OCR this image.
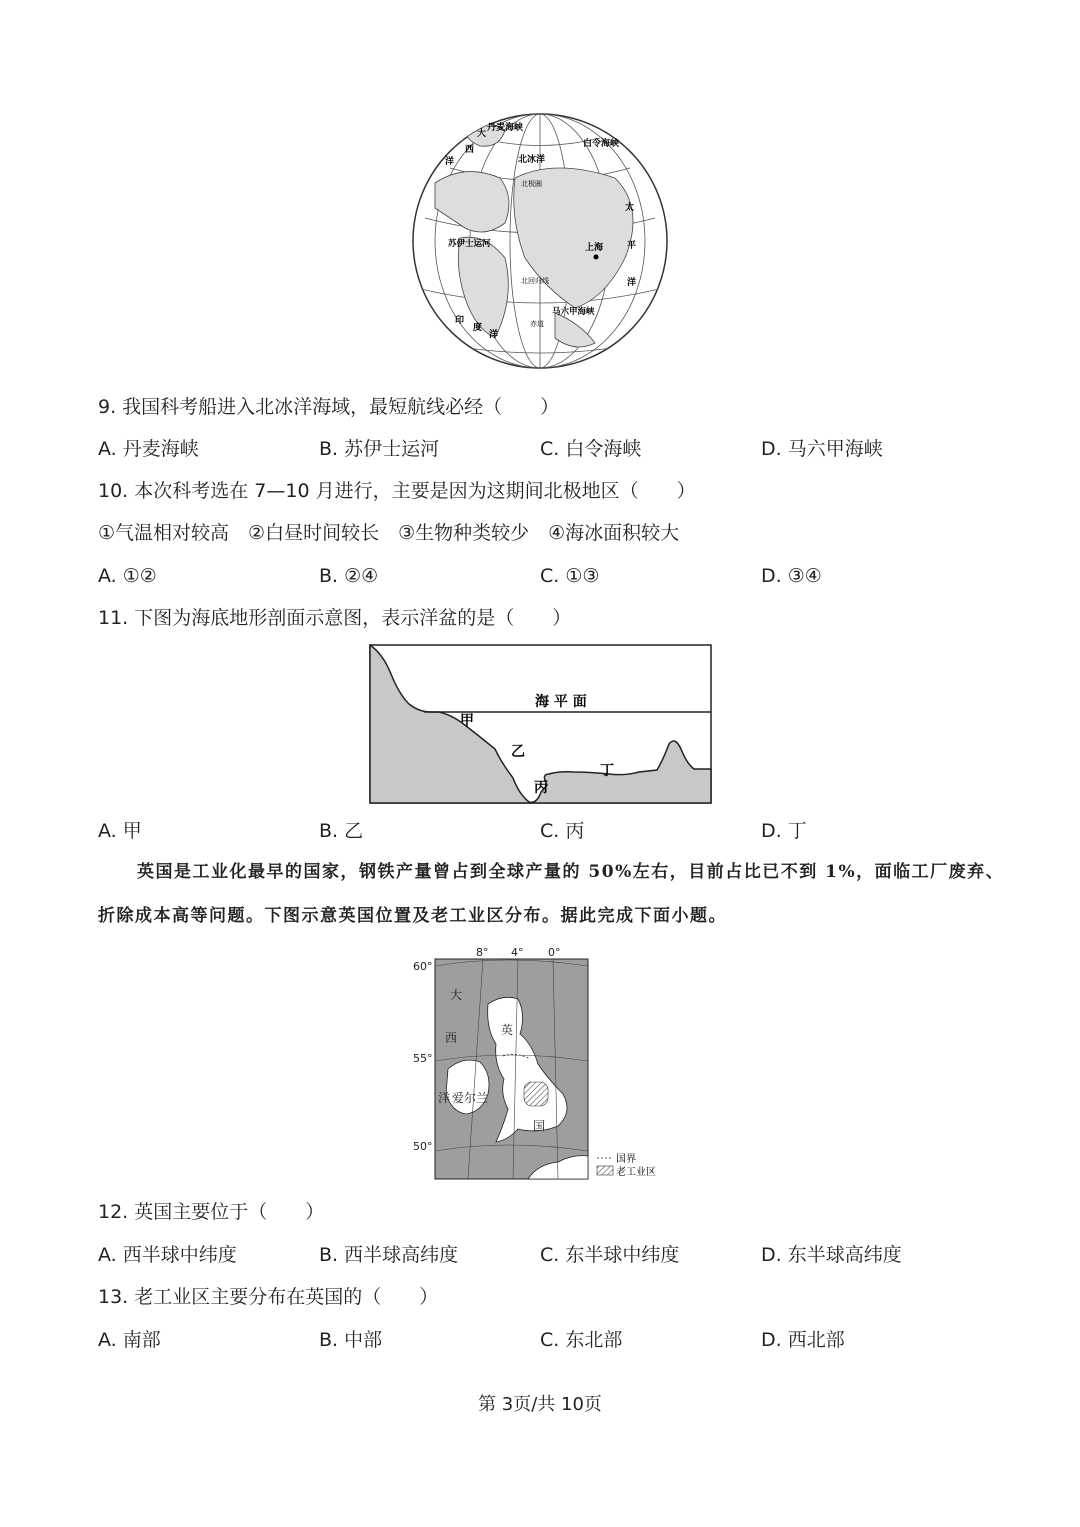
大
丹麦海峡
西
洋
白令海峡
北冰洋
北极圈
太
平
洋
苏伊士运河	上海
北回归线
马六甲海峡
赤道
印
度
洋
9. 我国科考船进入北冰洋海域，最短航线必经（　　）
A. 丹麦海峡	B. 苏伊士运河	C. 白令海峡	D. 马六甲海峡
10. 本次科考选在 7—10 月进行，主要是因为这期间北极地区（　　）
①气温相对较高　②白昼时间较长　③生物种类较少　④海冰面积较大
A. ①②	B. ②④	C. ①③	D. ③④
11. 下图为海底地形剖面示意图，表示洋盆的是（　　）
海 平 面
甲
乙
丙
丁
A. 甲	B. 乙	C. 丙	D. 丁
英国是工业化最早的国家，钢铁产量曾占到全球产量的 50%左右，目前占比已不到 1%，面临工厂废弃、
折除成本高等问题。下图示意英国位置及老工业区分布。据此完成下面小题。
8° 4° 0°
60°
55°
50°
大
西
洋 爱尔兰
英
国
国界
老工业区
12. 英国主要位于（　　）
A. 西半球中纬度	B. 西半球高纬度	C. 东半球中纬度	D. 东半球高纬度
13. 老工业区主要分布在英国的（　　）
A. 南部	B. 中部	C. 东北部	D. 西北部
第 3页/共 10页
